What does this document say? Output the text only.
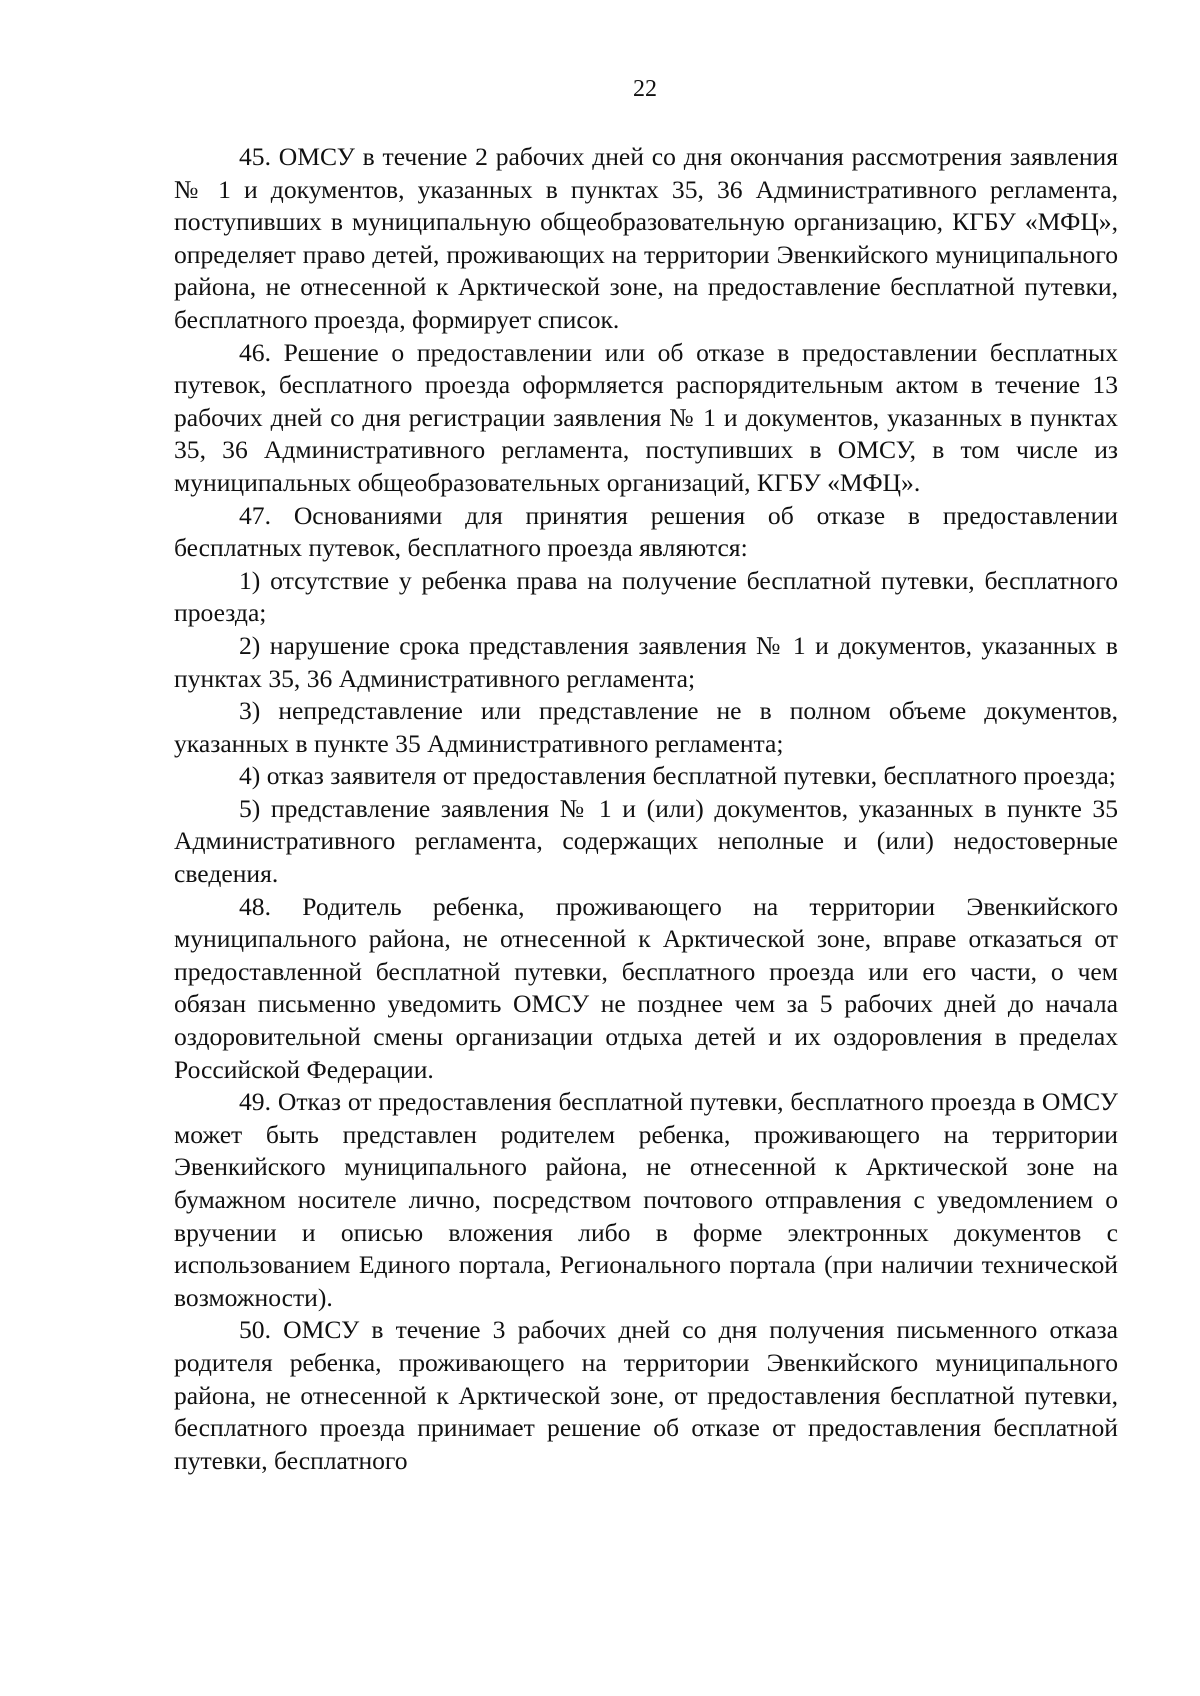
22

45. ОМСУ в течение 2 рабочих дней со дня окончания рассмотрения заявления № 1 и документов, указанных в пунктах 35, 36 Административного регламента, поступивших в муниципальную общеобразовательную организацию, КГБУ «МФЦ», определяет право детей, проживающих на территории Эвенкийского муниципального района, не отнесенной к Арктической зоне, на предоставление бесплатной путевки, бесплатного проезда, формирует список.

46. Решение о предоставлении или об отказе в предоставлении бесплатных путевок, бесплатного проезда оформляется распорядительным актом в течение 13 рабочих дней со дня регистрации заявления № 1 и документов, указанных в пунктах 35, 36 Административного регламента, поступивших в ОМСУ, в том числе из муниципальных общеобразовательных организаций, КГБУ «МФЦ».

47. Основаниями для принятия решения об отказе в предоставлении бесплатных путевок, бесплатного проезда являются:

1) отсутствие у ребенка права на получение бесплатной путевки, бесплатного проезда;

2) нарушение срока представления заявления № 1 и документов, указанных в пунктах 35, 36 Административного регламента;

3) непредставление или представление не в полном объеме документов, указанных в пункте 35 Административного регламента;

4) отказ заявителя от предоставления бесплатной путевки, бесплатного проезда;

5) представление заявления № 1 и (или) документов, указанных в пункте 35 Административного регламента, содержащих неполные и (или) недостоверные сведения.

48. Родитель ребенка, проживающего на территории Эвенкийского муниципального района, не отнесенной к Арктической зоне, вправе отказаться от предоставленной бесплатной путевки, бесплатного проезда или его части, о чем обязан письменно уведомить ОМСУ не позднее чем за 5 рабочих дней до начала оздоровительной смены организации отдыха детей и их оздоровления в пределах Российской Федерации.

49. Отказ от предоставления бесплатной путевки, бесплатного проезда в ОМСУ может быть представлен родителем ребенка, проживающего на территории Эвенкийского муниципального района, не отнесенной к Арктической зоне на бумажном носителе лично, посредством почтового отправления с уведомлением о вручении и описью вложения либо в форме электронных документов с использованием Единого портала, Регионального портала (при наличии технической возможности).

50. ОМСУ в течение 3 рабочих дней со дня получения письменного отказа родителя ребенка, проживающего на территории Эвенкийского муниципального района, не отнесенной к Арктической зоне, от предоставления бесплатной путевки, бесплатного проезда принимает решение об отказе от предоставления бесплатной путевки, бесплатного
